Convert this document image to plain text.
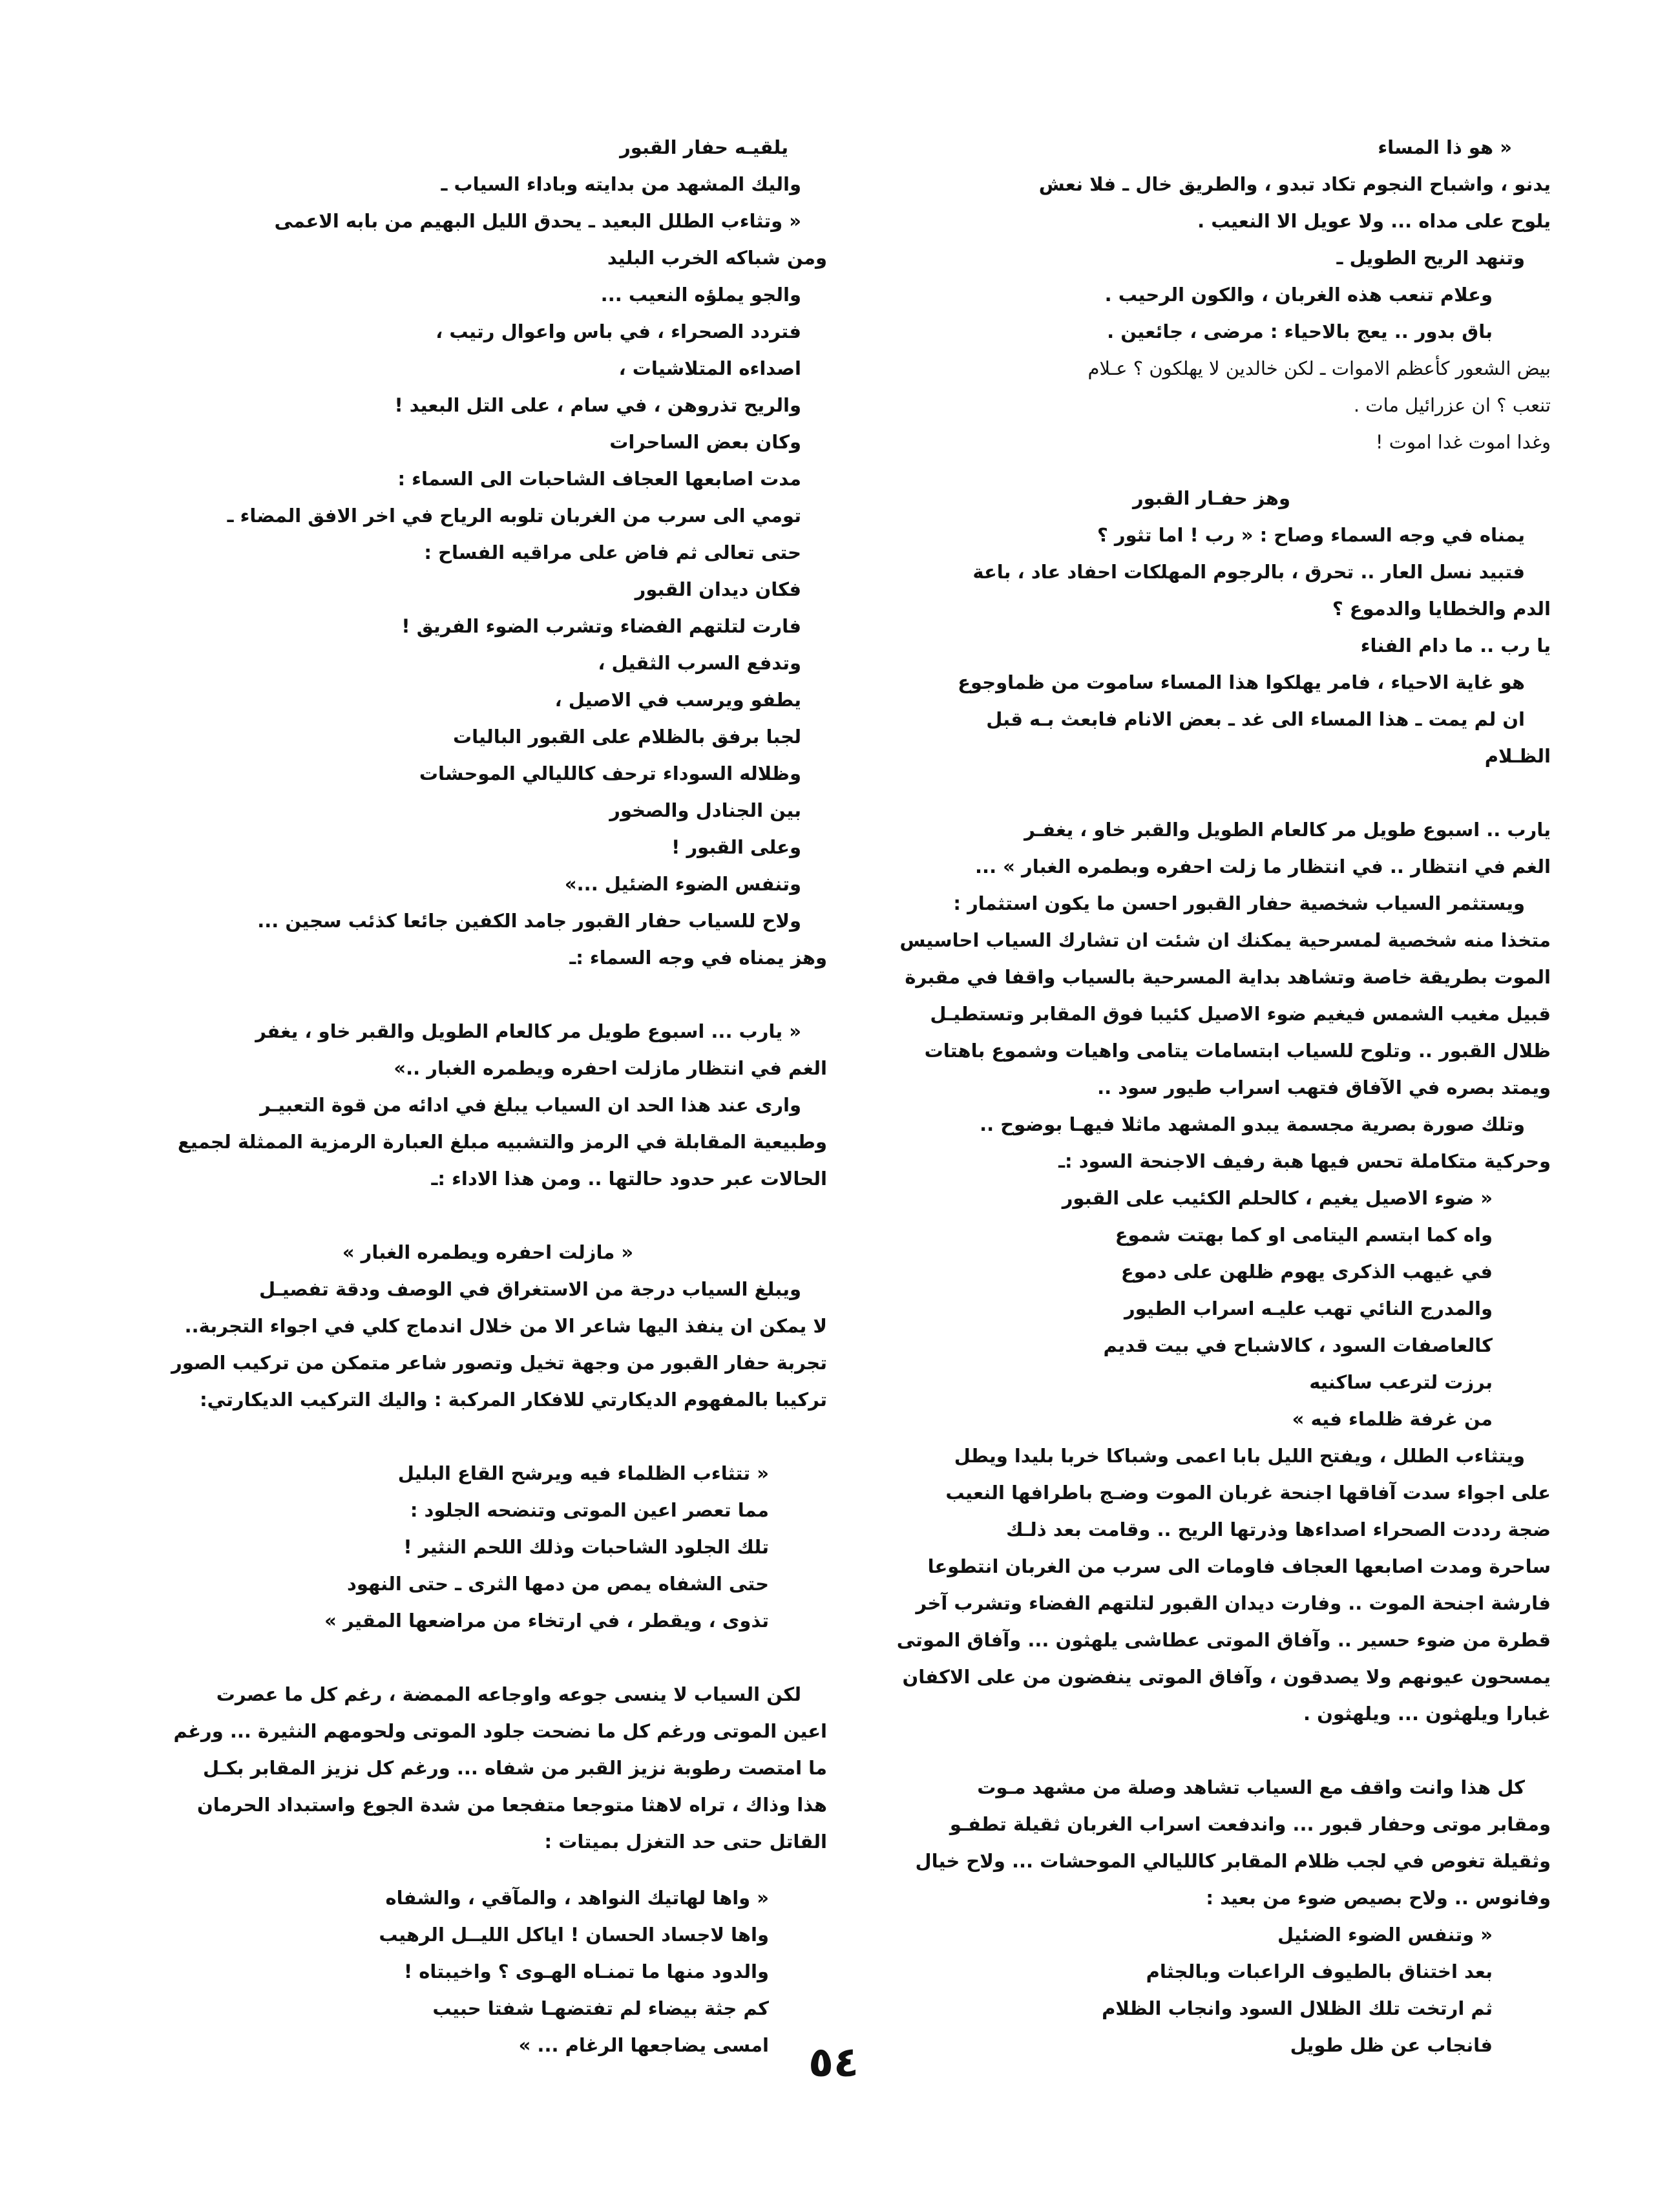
« هو ذا المساء

يدنو ، واشباح النجوم تكاد تبدو ، والطريق خال ـ فلا نعش

يلوح على مداه ... ولا عويل الا النعيب .

وتنهد الريح الطويل ـ

وعلام تنعب هذه الغربان ، والكون الرحيب .

باق بدور .. يعج بالاحياء : مرضى ، جائعين .

بيض الشعور كأعظم الاموات ـ لكن خالدين لا يهلكون ؟ عـلام

تنعب ؟ ان عزرائيل مات .

وغدا اموت غدا اموت !

وهز حفـار القبور

يمناه في وجه السماء وصاح : « رب ! اما تثور ؟

فتبيد نسل العار .. تحرق ، بالرجوم المهلكات احفاد عاد ، باعة

الدم والخطايا والدموع ؟

يا رب .. ما دام الفناء

هو غاية الاحياء ، فامر يهلكوا هذا المساء ساموت من ظماوجوع

ان لم يمت ـ هذا المساء الى غد ـ بعض الانام فابعث بـه قبل

الظـلام

يارب .. اسبوع طويل مر كالعام الطويل والقبر خاو ، يغفـر

الغم في انتظار .. في انتظار ما زلت احفره وبطمره الغبار » ...

ويستثمر السياب شخصية حفار القبور احسن ما يكون استثمار :

متخذا منه شخصية لمسرحية يمكنك ان شئت ان تشارك السياب احاسيس

الموت بطريقة خاصة وتشاهد بداية المسرحية بالسياب واقفا في مقبرة

قبيل مغيب الشمس فيغيم ضوء الاصيل كئيبا فوق المقابر وتستطيـل

ظلال القبور .. وتلوح للسياب ابتسامات يتامى واهيات وشموع باهتات

ويمتد بصره في الآفاق فتهب اسراب طيور سود ..

وتلك صورة بصرية مجسمة يبدو المشهد ماثلا فيهـا بوضوح ..

وحركية متكاملة تحس فيها هبة رفيف الاجنحة السود :ـ

« ضوء الاصيل يغيم ، كالحلم الكئيب على القبور

واه كما ابتسم اليتامى او كما بهتت شموع

في غيهب الذكرى يهوم ظلهن على دموع

والمدرج النائي تهب عليـه اسراب الطيور

كالعاصفات السود ، كالاشباح في بيت قديم

برزت لترعب ساكنيه

من غرفة ظلماء فيه »

ويتثاءب الطلل ، ويفتح الليل بابا اعمى وشباكا خربا بليدا ويطل

على اجواء سدت آفاقها اجنحة غربان الموت وضـج باطرافها النعيب

ضجة رددت الصحراء اصداءها وذرتها الريح .. وقامت بعد ذلـك

ساحرة ومدت اصابعها العجاف فاومات الى سرب من الغربان انتطوعا

فارشة اجنحة الموت .. وفارت ديدان القبور لتلتهم الفضاء وتشرب آخر

قطرة من ضوء حسير .. وآفاق الموتى عطاشى يلهثون ... وآفاق الموتى

يمسحون عيونهم ولا يصدقون ، وآفاق الموتى ينفضون من على الاكفان

غبارا ويلهثون ... ويلهثون .

كل هذا وانت واقف مع السياب تشاهد وصلة من مشهد مـوت

ومقابر موتى وحفار قبور ... واندفعت اسراب الغربان ثقيلة تطفـو

وثقيلة تغوص في لجب ظلام المقابر كالليالي الموحشات ... ولاح خيال

وفانوس .. ولاح بصيص ضوء من بعيد :

« وتنفس الضوء الضئيل

بعد اختناق بالطيوف الراعبات وبالجثام

ثم ارتخت تلك الظلال السود وانجاب الظلام

فانجاب عن ظل طويل

يلقيـه حفار القبور

واليك المشهد من بدايته وباداء السياب ـ

« وتثاءب الطلل البعيد ـ يحدق الليل البهيم من بابه الاعمى

ومن شباكه الخرب البليد

والجو يملؤه النعيب ...

فتردد الصحراء ، في باس واعوال رتيب ،

اصداءه المتلاشيات ،

والريح تذروهن ، في سام ، على التل البعيد !

وكان بعض الساحرات

مدت اصابعها العجاف الشاحبات الى السماء :

تومي الى سرب من الغربان تلوبه الرياح في اخر الافق المضاء ـ

حتى تعالى ثم فاض على مراقيه الفساح :

فكان ديدان القبور

فارت لتلتهم الفضاء وتشرب الضوء الفريق !

وتدفع السرب الثقيل ،

يطفو ويرسب في الاصيل ،

لجبا برفق بالظلام على القبور الباليات

وظلاله السوداء ترحف كالليالي الموحشات

بين الجنادل والصخور

وعلى القبور !

وتنفس الضوء الضئيل ...»

ولاح للسياب حفار القبور جامد الكفين جائعا كذئب سجين ...

وهز يمناه في وجه السماء :ـ

« يارب ... اسبوع طويل مر كالعام الطويل والقبر خاو ، يغفر

الغم في انتظار مازلت احفره ويطمره الغبار ..»

وارى عند هذا الحد ان السياب يبلغ في ادائه من قوة التعبيـر

وطبيعية المقابلة في الرمز والتشبيه مبلغ العبارة الرمزية الممثلة لجميع

الحالات عبر حدود حالتها .. ومن هذا الاداء :ـ

« مازلت احفره ويطمره الغبار »

ويبلغ السياب درجة من الاستغراق في الوصف ودقة تفصيـل

لا يمكن ان ينفذ اليها شاعر الا من خلال اندماج كلي في اجواء التجربة..

تجربة حفار القبور من وجهة تخيل وتصور شاعر متمكن من تركيب الصور

تركيبا بالمفهوم الديكارتي للافكار المركبة : واليك التركيب الديكارتي:

« تتثاءب الظلماء فيه ويرشح القاع البليل

مما تعصر اعين الموتى وتنضحه الجلود :

تلك الجلود الشاحبات وذلك اللحم النثير !

حتى الشفاه يمص من دمها الثرى ـ حتى النهود

تذوى ، ويقطر ، في ارتخاء من مراضعها المقير »

لكن السياب لا ينسى جوعه واوجاعه الممضة ، رغم كل ما عصرت

اعين الموتى ورغم كل ما نضحت جلود الموتى ولحومهم النثيرة ... ورغم

ما امتصت رطوبة نزيز القبر من شفاه ... ورغم كل نزيز المقابر بكـل

هذا وذاك ، تراه لاهثا متوجعا متفجعا من شدة الجوع واستبداد الحرمان

القاتل حتى حد التغزل بميتات :

« واها لهاتيك النواهد ، والمآقي ، والشفاه

واها لاجساد الحسان ! اياكل الليــل الرهيب

والدود منها ما تمنـاه الهـوى ؟ واخيبتاه !

كم جثة بيضاء لم تفتضهـا شفتا حبيب

امسى يضاجعها الرغام ... » ٥٤
